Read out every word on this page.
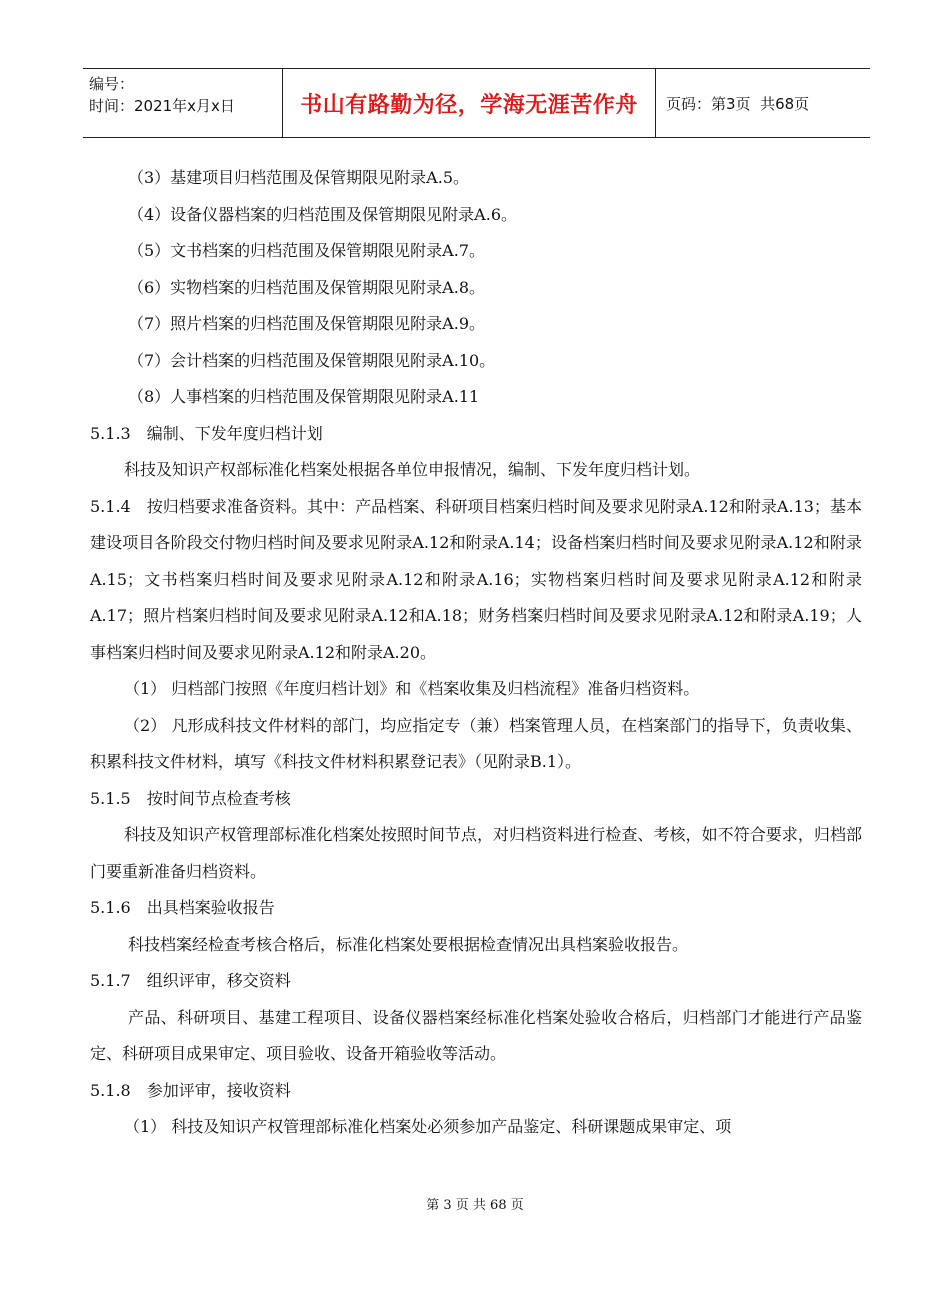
编号：
时间：2021年x月x日	书山有路勤为径，学海无涯苦作舟 页码：第3页  共68页
（3）基建项目归档范围及保管期限见附录A.5。
（4）设备仪器档案的归档范围及保管期限见附录A.6。
（5）文书档案的归档范围及保管期限见附录A.7。
（6）实物档案的归档范围及保管期限见附录A.8。
（7）照片档案的归档范围及保管期限见附录A.9。
（7）会计档案的归档范围及保管期限见附录A.10。
（8）人事档案的归档范围及保管期限见附录A.11
5.1.3 编制、下发年度归档计划
科技及知识产权部标准化档案处根据各单位申报情况，编制、下发年度归档计划。
5.1.4 按归档要求准备资料。其中：产品档案、科研项目档案归档时间及要求见附录A.12和附录A.13；基本建设项目各阶段交付物归档时间及要求见附录A.12和附录A.14；设备档案归档时间及要求见附录A.12和附录A.15；文书档案归档时间及要求见附录A.12和附录A.16；实物档案归档时间及要求见附录A.12和附录A.17；照片档案归档时间及要求见附录A.12和A.18；财务档案归档时间及要求见附录A.12和附录A.19；人事档案归档时间及要求见附录A.12和附录A.20。
（1） 归档部门按照《年度归档计划》和《档案收集及归档流程》准备归档资料。
（2） 凡形成科技文件材料的部门，均应指定专（兼）档案管理人员，在档案部门的指导下，负责收集、积累科技文件材料，填写《科技文件材料积累登记表》（见附录B.1）。
5.1.5 按时间节点检查考核
科技及知识产权管理部标准化档案处按照时间节点，对归档资料进行检查、考核，如不符合要求，归档部门要重新准备归档资料。
5.1.6 出具档案验收报告
科技档案经检查考核合格后，标准化档案处要根据检查情况出具档案验收报告。
5.1.7 组织评审，移交资料
产品、科研项目、基建工程项目、设备仪器档案经标准化档案处验收合格后，归档部门才能进行产品鉴定、科研项目成果审定、项目验收、设备开箱验收等活动。
5.1.8 参加评审，接收资料
（1） 科技及知识产权管理部标准化档案处必须参加产品鉴定、科研课题成果审定、项
第 3 页 共 68 页
